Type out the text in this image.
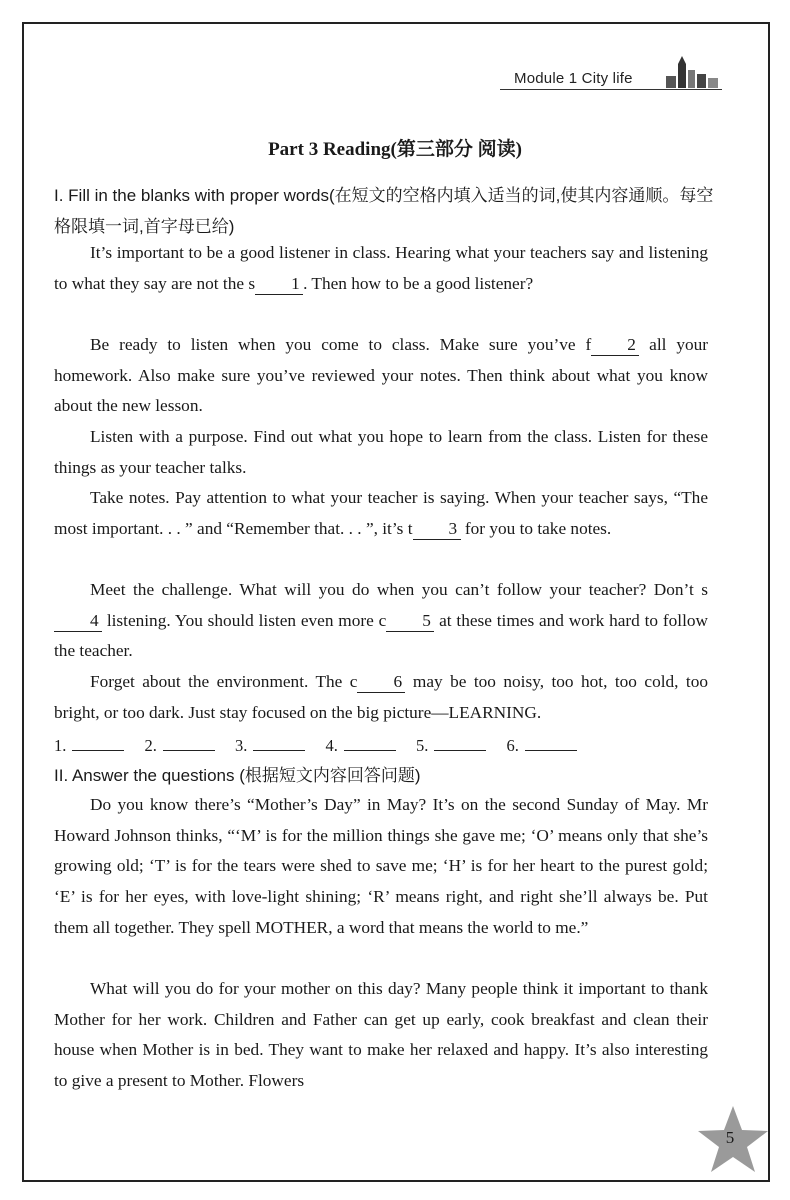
Module 1 City life
Part 3 Reading(第三部分 阅读)
I. Fill in the blanks with proper words(在短文的空格内填入适当的词,使其内容通顺。每空格限填一词,首字母已给)
It’s important to be a good listener in class. Hearing what your teachers say and listening to what they say are not the s 1 . Then how to be a good listener?
Be ready to listen when you come to class. Make sure you’ve f 2 all your homework. Also make sure you’ve reviewed your notes. Then think about what you know about the new lesson.
Listen with a purpose. Find out what you hope to learn from the class. Listen for these things as your teacher talks.
Take notes. Pay attention to what your teacher is saying. When your teacher says, “The most important. . . ” and “Remember that. . . ”, it’s t 3 for you to take notes.
Meet the challenge. What will you do when you can’t follow your teacher? Don’t s4 listening. You should listen even more c 5 at these times and work hard to follow the teacher.
Forget about the environment. The c 6 may be too noisy, too hot, too cold, too bright, or too dark. Just stay focused on the big picture—LEARNING.
1.	2.	3.	4.	5.	6.
II. Answer the questions (根据短文内容回答问题)
Do you know there’s “Mother’s Day” in May? It’s on the second Sunday of May. Mr Howard Johnson thinks, “‘M’ is for the million things she gave me; ‘O’ means only that she’s growing old; ‘T’ is for the tears were shed to save me; ‘H’ is for her heart to the purest gold; ‘E’ is for her eyes, with love-light shining; ‘R’ means right, and right she’ll always be. Put them all together. They spell MOTHER, a word that means the world to me.”
What will you do for your mother on this day? Many people think it important to thank Mother for her work. Children and Father can get up early, cook breakfast and clean their house when Mother is in bed. They want to make her relaxed and happy. It’s also interesting to give a present to Mother. Flowers
5
